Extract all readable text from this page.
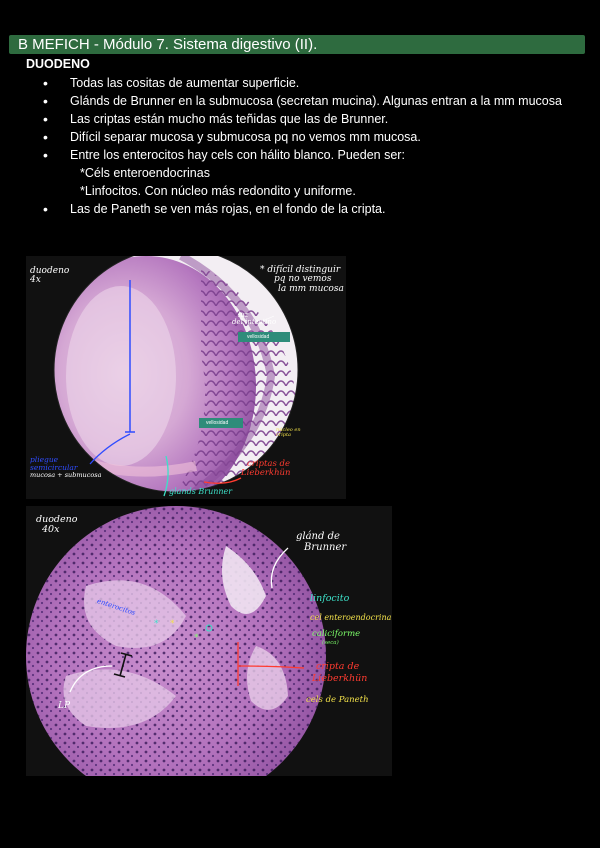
B MEFICH - Módulo 7. Sistema digestivo (II).
DUODENO
• Todas las cositas de aumentar superficie.
• Glánds de Brunner en la submucosa (secretan mucina). Algunas entran a la mm mucosa
• Las criptas están mucho más teñidas que las de Brunner.
• Difícil separar mucosa y submucosa pq no vemos mm mucosa.
• Entre los enterocitos hay cels con hálito blanco. Pueden ser:
*Céls enteroendocrinas
*Linfocitos. Con núcleo más redondito y uniforme.
• Las de Paneth se ven más rojas, en el fondo de la cripta.
duodeno
4x
* difícil distinguir
pq no vemos
la mm mucosa
luz
del intestino
vellosidad
vellosidad
núcleo en
cripta
pliegue
semicircular
mucosa + submucosa
criptas de
Lieberkhün
glands Brunner
* *
*
duodeno
40x
glánd de
Brunner
enterocitos
LP
linfocito
cel enteroendocrina
caliciforme
(seca)
cripta de
Lieberkhün
cels de Paneth
